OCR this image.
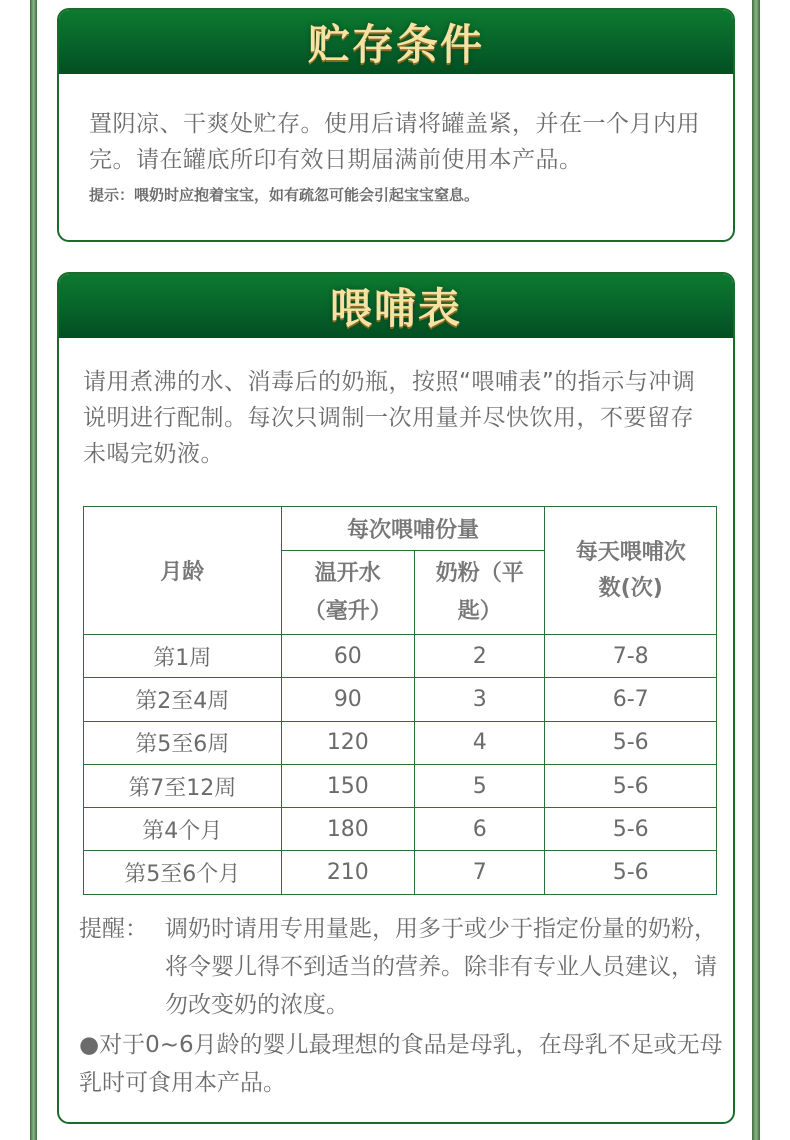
贮存条件

置阴凉、干爽处贮存。使用后请将罐盖紧，并在一个月内用完。请在罐底所印有效日期届满前使用本产品。

提示：喂奶时应抱着宝宝，如有疏忽可能会引起宝宝窒息。

喂哺表

请用煮沸的水、消毒后的奶瓶，按照“喂哺表”的指示与冲调说明进行配制。每次只调制一次用量并尽快饮用，不要留存未喝完奶液。

月龄	每次喂哺份量		每天喂哺次数(次)
	温开水（毫升）	奶粉（平匙）	
第1周	60	2	7-8
第2至4周	90	3	6-7
第5至6周	120	4	5-6
第7至12周	150	5	5-6
第4个月	180	6	5-6
第5至6个月	210	7	5-6
提醒： 调奶时请用专用量匙，用多于或少于指定份量的奶粉，将令婴儿得不到适当的营养。除非有专业人员建议，请勿改变奶的浓度。

●对于0~6月龄的婴儿最理想的食品是母乳，在母乳不足或无母乳时可食用本产品。
